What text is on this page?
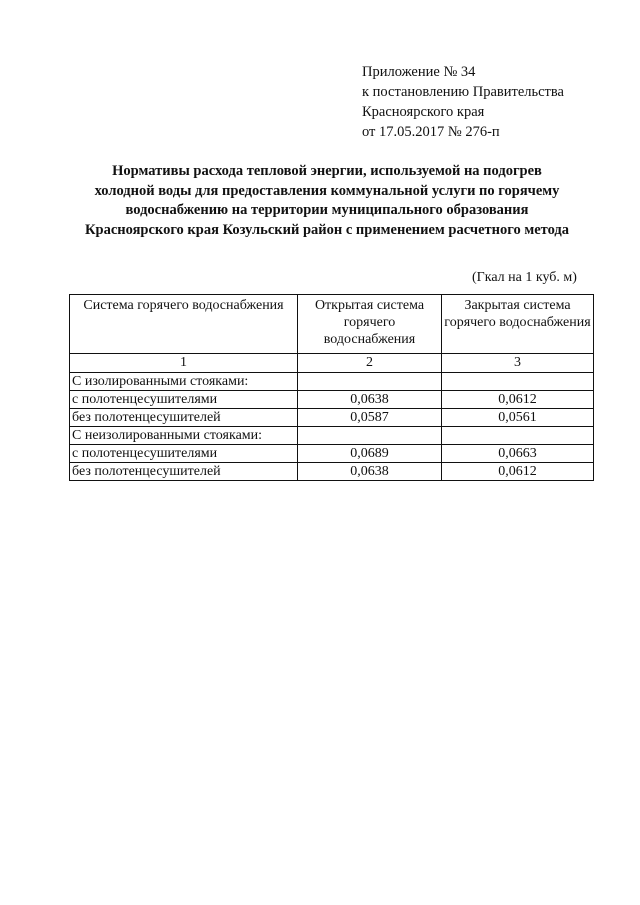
Приложение № 34
к постановлению Правительства
Красноярского края
от 17.05.2017 № 276-п
Нормативы расхода тепловой энергии, используемой на подогрев
холодной воды для предоставления коммунальной услуги по горячему
водоснабжению на территории муниципального образования
Красноярского края Козульский район с применением расчетного метода
(Гкал на 1 куб. м)
Система горячего водоснабжения	Открытая система горячего водоснабжения	Закрытая система горячего водоснабжения
1	2	3
С изолированными стояками:		
с полотенцесушителями	0,0638	0,0612
без полотенцесушителей	0,0587	0,0561
С неизолированными стояками:		
с полотенцесушителями	0,0689	0,0663
без полотенцесушителей	0,0638	0,0612
